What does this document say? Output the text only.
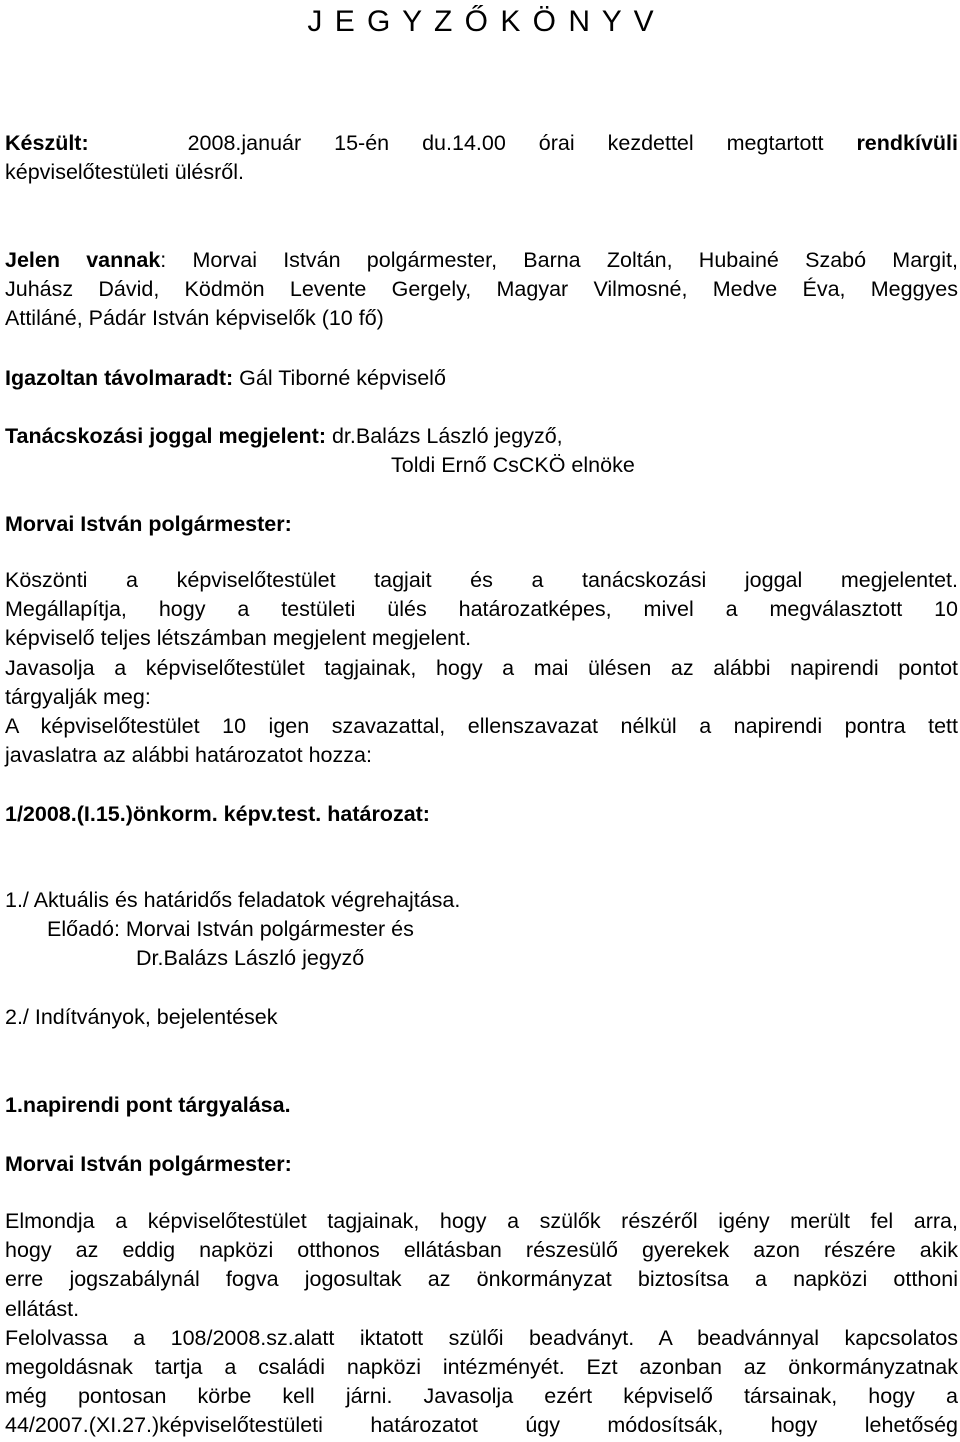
J E G Y Z Ő K Ö N Y V
Készült:	2008.január 15-én du.14.00 órai kezdettel megtartott rendkívüli
képviselőtestületi ülésről.
Jelen vannak: Morvai István polgármester, Barna Zoltán, Hubainé Szabó Margit,
Juhász Dávid, Ködmön Levente Gergely, Magyar Vilmosné, Medve Éva, Meggyes
Attiláné, Pádár István képviselők (10 fő)
Igazoltan távolmaradt: Gál Tiborné képviselő
Tanácskozási joggal megjelent: dr.Balázs László jegyző,
Toldi Ernő CsCKÖ elnöke
Morvai István polgármester:
Köszönti a képviselőtestület tagjait és a tanácskozási joggal megjelentet.
Megállapítja, hogy a testületi ülés határozatképes, mivel a megválasztott 10
képviselő teljes létszámban megjelent megjelent.
Javasolja a képviselőtestület tagjainak, hogy a mai ülésen az alábbi napirendi pontot
tárgyalják meg:
A képviselőtestület 10 igen szavazattal, ellenszavazat nélkül a napirendi pontra tett
javaslatra az alábbi határozatot hozza:
1/2008.(I.15.)önkorm. képv.test. határozat:
1./ Aktuális és határidős feladatok végrehajtása.
Előadó: Morvai István polgármester és
Dr.Balázs László jegyző
2./ Indítványok, bejelentések
1.napirendi pont tárgyalása.
Morvai István polgármester:
Elmondja a képviselőtestület tagjainak, hogy a szülők részéről igény merült fel arra,
hogy az eddig napközi otthonos ellátásban részesülő gyerekek azon részére akik
erre jogszabálynál fogva jogosultak az önkormányzat biztosítsa a napközi otthoni
ellátást.
Felolvassa a 108/2008.sz.alatt iktatott szülői beadványt. A beadvánnyal kapcsolatos
megoldásnak tartja a családi napközi intézményét. Ezt azonban az önkormányzatnak
még pontosan körbe kell járni. Javasolja ezért képviselő társainak, hogy a
44/2007.(XI.27.)képviselőtestületi határozatot úgy módosítsák, hogy lehetőség
